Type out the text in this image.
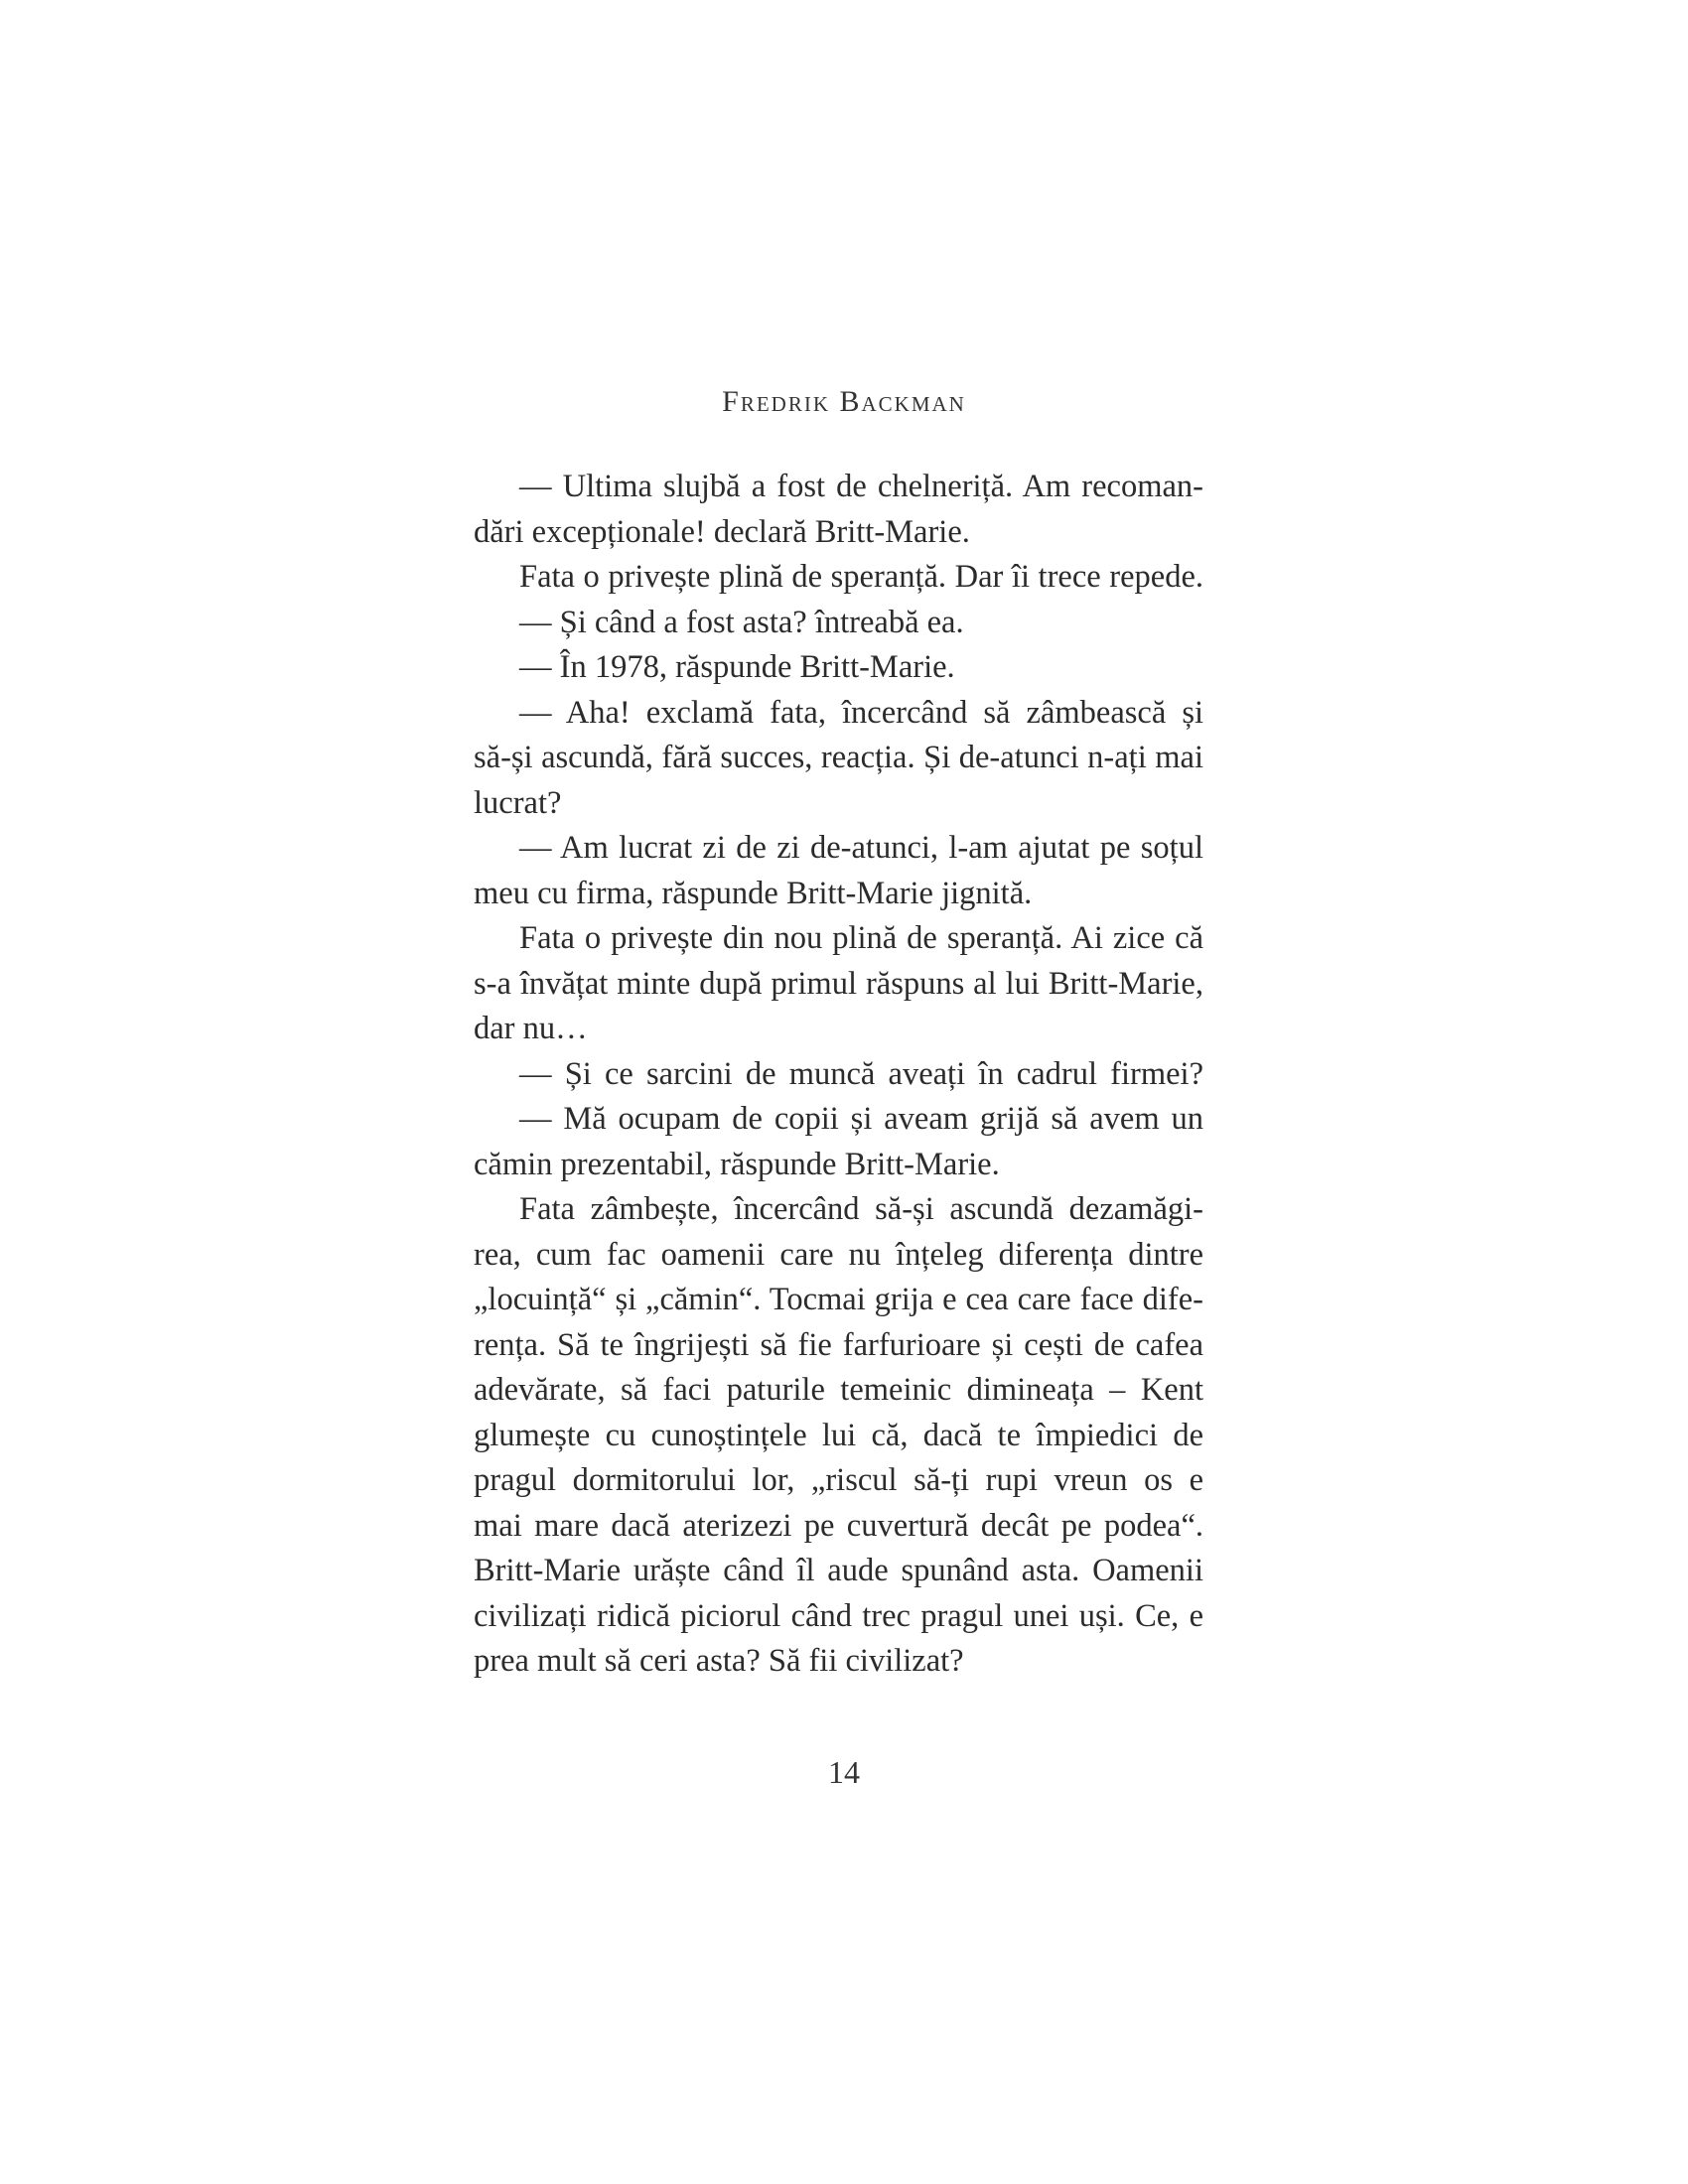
Fredrik Backman
— Ultima slujbă a fost de chelneriță. Am recoman-
dări excepționale! declară Britt-Marie.
Fata o privește plină de speranță. Dar îi trece repede.
— Și când a fost asta? întreabă ea.
— În 1978, răspunde Britt-Marie.
— Aha! exclamă fata, încercând să zâmbească și
să-și ascundă, fără succes, reacția. Și de-atunci n-ați mai
lucrat?
— Am lucrat zi de zi de-atunci, l-am ajutat pe soțul
meu cu firma, răspunde Britt-Marie jignită.
Fata o privește din nou plină de speranță. Ai zice că
s-a învățat minte după primul răspuns al lui Britt-Marie,
dar nu…
— Și ce sarcini de muncă aveați în cadrul firmei?
— Mă ocupam de copii și aveam grijă să avem un
cămin prezentabil, răspunde Britt-Marie.
Fata zâmbește, încercând să-și ascundă dezamăgi-
rea, cum fac oamenii care nu înțeleg diferența dintre
„locuință“ și „cămin“. Tocmai grija e cea care face dife-
rența. Să te îngrijești să fie farfurioare și cești de cafea
adevărate, să faci paturile temeinic dimineața – Kent
glumește cu cunoștințele lui că, dacă te împiedici de
pragul dormitorului lor, „riscul să-ți rupi vreun os e
mai mare dacă aterizezi pe cuvertură decât pe podea“.
Britt-Marie urăște când îl aude spunând asta. Oamenii
civilizați ridică piciorul când trec pragul unei uși. Ce, e
prea mult să ceri asta? Să fii civilizat?
14
